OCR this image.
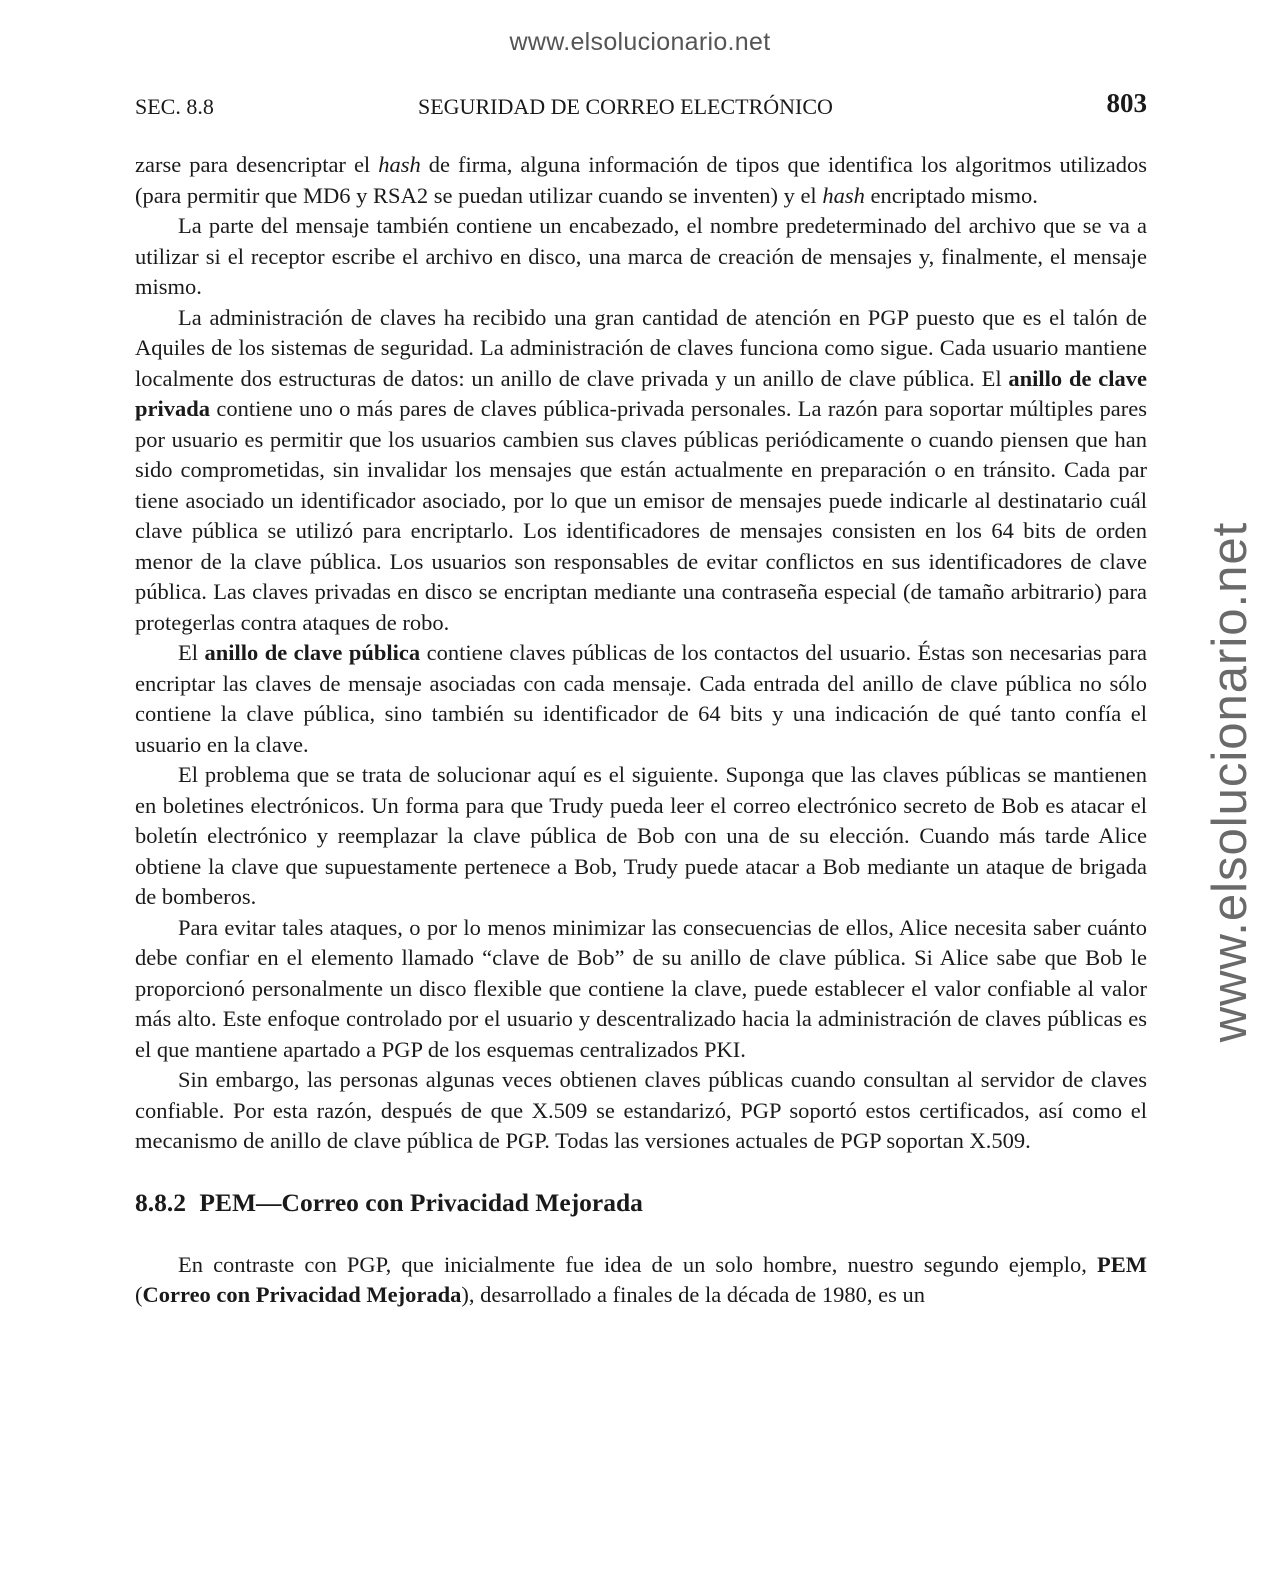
www.elsolucionario.net
www.elsolucionario.net
SEC. 8.8	SEGURIDAD DE CORREO ELECTRÓNICO	803

zarse para desencriptar el hash de firma, alguna información de tipos que identifica los algoritmos utilizados (para permitir que MD6 y RSA2 se puedan utilizar cuando se inventen) y el hash encriptado mismo.

La parte del mensaje también contiene un encabezado, el nombre predeterminado del archivo que se va a utilizar si el receptor escribe el archivo en disco, una marca de creación de mensajes y, finalmente, el mensaje mismo.

La administración de claves ha recibido una gran cantidad de atención en PGP puesto que es el talón de Aquiles de los sistemas de seguridad. La administración de claves funciona como sigue. Cada usuario mantiene localmente dos estructuras de datos: un anillo de clave privada y un anillo de clave pública. El anillo de clave privada contiene uno o más pares de claves pública-privada personales. La razón para soportar múltiples pares por usuario es permitir que los usuarios cambien sus claves públicas periódicamente o cuando piensen que han sido comprometidas, sin invalidar los mensajes que están actualmente en preparación o en tránsito. Cada par tiene asociado un identificador asociado, por lo que un emisor de mensajes puede indicarle al destinatario cuál clave pública se utilizó para encriptarlo. Los identificadores de mensajes consisten en los 64 bits de orden menor de la clave pública. Los usuarios son responsables de evitar conflictos en sus identificadores de clave pública. Las claves privadas en disco se encriptan mediante una contraseña especial (de tamaño arbitrario) para protegerlas contra ataques de robo.

El anillo de clave pública contiene claves públicas de los contactos del usuario. Éstas son necesarias para encriptar las claves de mensaje asociadas con cada mensaje. Cada entrada del anillo de clave pública no sólo contiene la clave pública, sino también su identificador de 64 bits y una indicación de qué tanto confía el usuario en la clave.

El problema que se trata de solucionar aquí es el siguiente. Suponga que las claves públicas se mantienen en boletines electrónicos. Un forma para que Trudy pueda leer el correo electrónico secreto de Bob es atacar el boletín electrónico y reemplazar la clave pública de Bob con una de su elección. Cuando más tarde Alice obtiene la clave que supuestamente pertenece a Bob, Trudy puede atacar a Bob mediante un ataque de brigada de bomberos.

Para evitar tales ataques, o por lo menos minimizar las consecuencias de ellos, Alice necesita saber cuánto debe confiar en el elemento llamado “clave de Bob” de su anillo de clave pública. Si Alice sabe que Bob le proporcionó personalmente un disco flexible que contiene la clave, puede establecer el valor confiable al valor más alto. Este enfoque controlado por el usuario y descentralizado hacia la administración de claves públicas es el que mantiene apartado a PGP de los esquemas centralizados PKI.

Sin embargo, las personas algunas veces obtienen claves públicas cuando consultan al servidor de claves confiable. Por esta razón, después de que X.509 se estandarizó, PGP soportó estos certificados, así como el mecanismo de anillo de clave pública de PGP. Todas las versiones actuales de PGP soportan X.509.

8.8.2 PEM—Correo con Privacidad Mejorada

En contraste con PGP, que inicialmente fue idea de un solo hombre, nuestro segundo ejemplo, PEM (Correo con Privacidad Mejorada), desarrollado a finales de la década de 1980, es un
